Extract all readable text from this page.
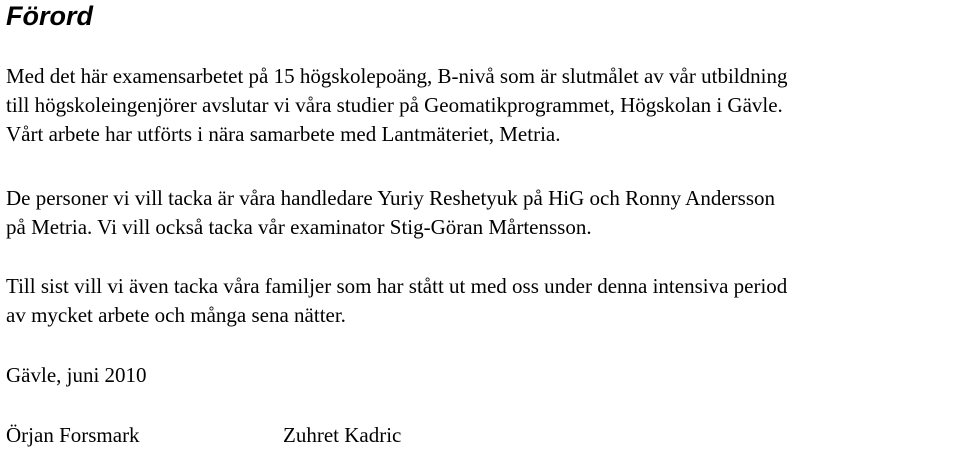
Förord

Med det här examensarbetet på 15 högskolepoäng, B-nivå som är slutmålet av vår utbildning
till högskoleingenjörer avslutar vi våra studier på Geomatikprogrammet, Högskolan i Gävle.
Vårt arbete har utförts i nära samarbete med Lantmäteriet, Metria.

De personer vi vill tacka är våra handledare Yuriy Reshetyuk på HiG och Ronny Andersson
på Metria. Vi vill också tacka vår examinator Stig-Göran Mårtensson.

Till sist vill vi även tacka våra familjer som har stått ut med oss under denna intensiva period
av mycket arbete och många sena nätter.

Gävle, juni 2010

Örjan Forsmark	Zuhret Kadric
